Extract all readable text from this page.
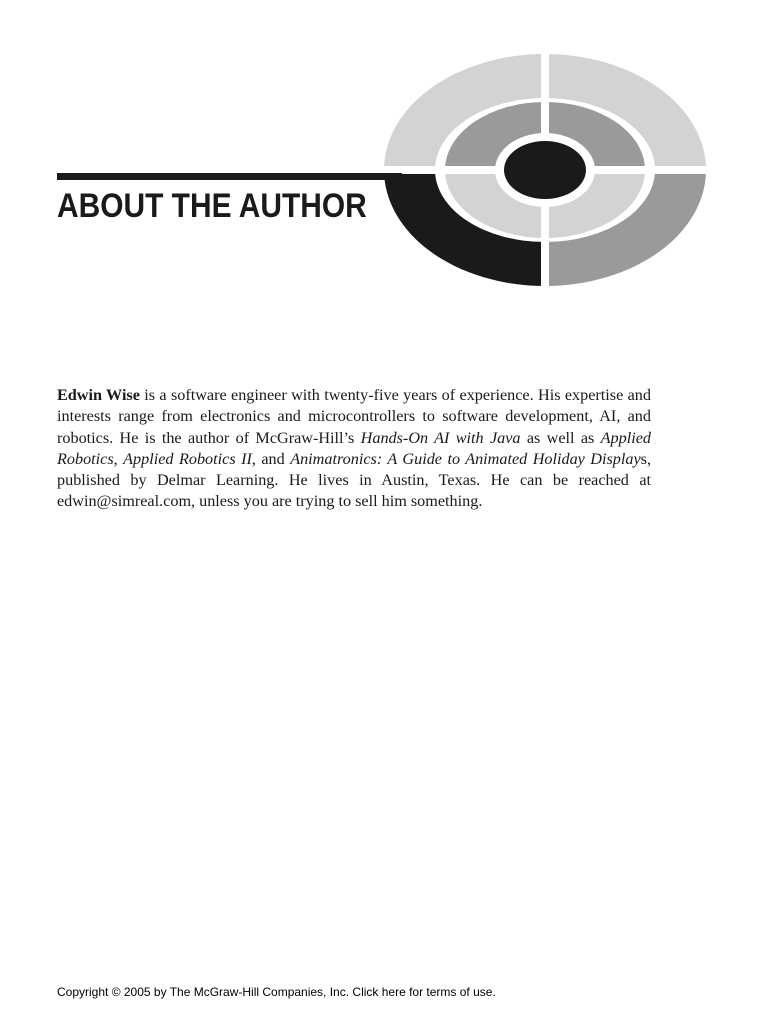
ABOUT THE AUTHOR

Edwin Wise is a software engineer with twenty-five years of experience. His expertise and interests range from electronics and microcontrollers to software development, AI, and robotics. He is the author of McGraw-Hill’s Hands-On AI with Java as well as Applied Robotics, Applied Robotics II, and Animatronics: A Guide to Animated Holiday Displays, published by Delmar Learning. He lives in Austin, Texas. He can be reached at edwin@simreal.com, unless you are trying to sell him something.

Copyright © 2005 by The McGraw-Hill Companies, Inc. Click here for terms of use.
